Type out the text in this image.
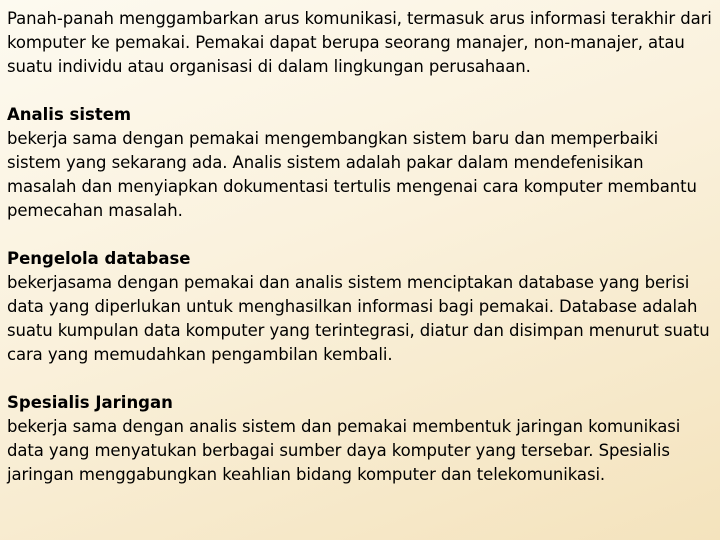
Panah-panah menggambarkan arus komunikasi, termasuk arus informasi terakhir dari komputer ke pemakai. Pemakai dapat berupa seorang manajer, non-manajer, atau suatu individu atau organisasi di dalam lingkungan perusahaan.

Analis sistem

bekerja sama dengan pemakai mengembangkan sistem baru dan memperbaiki sistem yang sekarang ada. Analis sistem adalah pakar dalam mendefenisikan masalah dan menyiapkan dokumentasi tertulis mengenai cara komputer membantu pemecahan masalah.

Pengelola database

bekerjasama dengan pemakai dan analis sistem menciptakan database yang berisi data yang diperlukan untuk menghasilkan informasi bagi pemakai. Database adalah suatu kumpulan data komputer yang terintegrasi, diatur dan disimpan menurut suatu cara yang memudahkan pengambilan kembali.

Spesialis Jaringan

bekerja sama dengan analis sistem dan pemakai membentuk jaringan komunikasi data yang menyatukan berbagai sumber daya komputer yang tersebar. Spesialis jaringan menggabungkan keahlian bidang komputer dan telekomunikasi.
